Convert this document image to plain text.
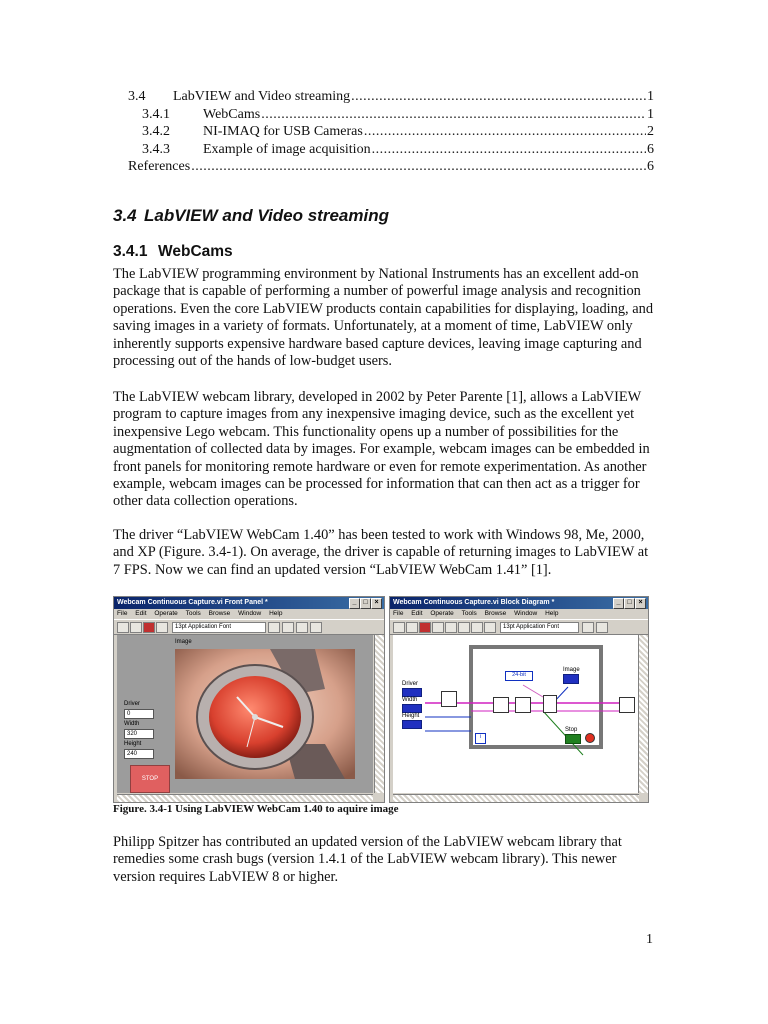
3.4	LabVIEW and Video streaming .....	1
3.4.1	WebCams .....	1
3.4.2	NI-IMAQ for USB Cameras .....	2
3.4.3	Example of image acquisition .....	6
References .....	6
3.4 LabVIEW and Video streaming
3.4.1 WebCams

The LabVIEW programming environment by National Instruments has an excellent add-on package that is capable of performing a number of powerful image analysis and recognition operations. Even the core LabVIEW products contain capabilities for displaying, loading, and saving images in a variety of formats. Unfortunately, at a moment of time, LabVIEW only inherently supports expensive hardware based capture devices, leaving image capturing and processing out of the hands of low-budget users.

The LabVIEW webcam library, developed in 2002 by Peter Parente [1], allows a LabVIEW program to capture images from any inexpensive imaging device, such as the excellent yet inexpensive Lego webcam. This functionality opens up a number of possibilities for the augmentation of collected data by images. For example, webcam images can be embedded in front panels for monitoring remote hardware or even for remote experimentation. As another example, webcam images can be processed for information that can then act as a trigger for other data collection operations.

The driver “LabVIEW WebCam 1.40” has been tested to work with Windows 98, Me, 2000, and XP (Figure. 3.4-1). On average, the driver is capable of returning images to LabVIEW at 7 FPS. Now we can find an updated version “LabVIEW WebCam 1.41” [1].

Philipp Spitzer has contributed an updated version of the LabVIEW webcam library that remedies some crash bugs (version 1.4.1 of the LabVIEW webcam library). This newer version requires LabVIEW 8 or higher.

Webcam Continuous Capture.vi Front Panel *	_ □ ×
File Edit Operate Tools Browse Window Help
13pt Application Font
Image
Driver
0
Width
320
Height
240
STOP
Webcam Continuous Capture.vi Block Diagram *	_ □ ×
File Edit Operate Tools Browse Window Help
13pt Application Font
Driver
Width
Height
24-bit
Image
Stop
i
Figure. 3.4-1 Using LabVIEW WebCam 1.40 to aquire image
1
